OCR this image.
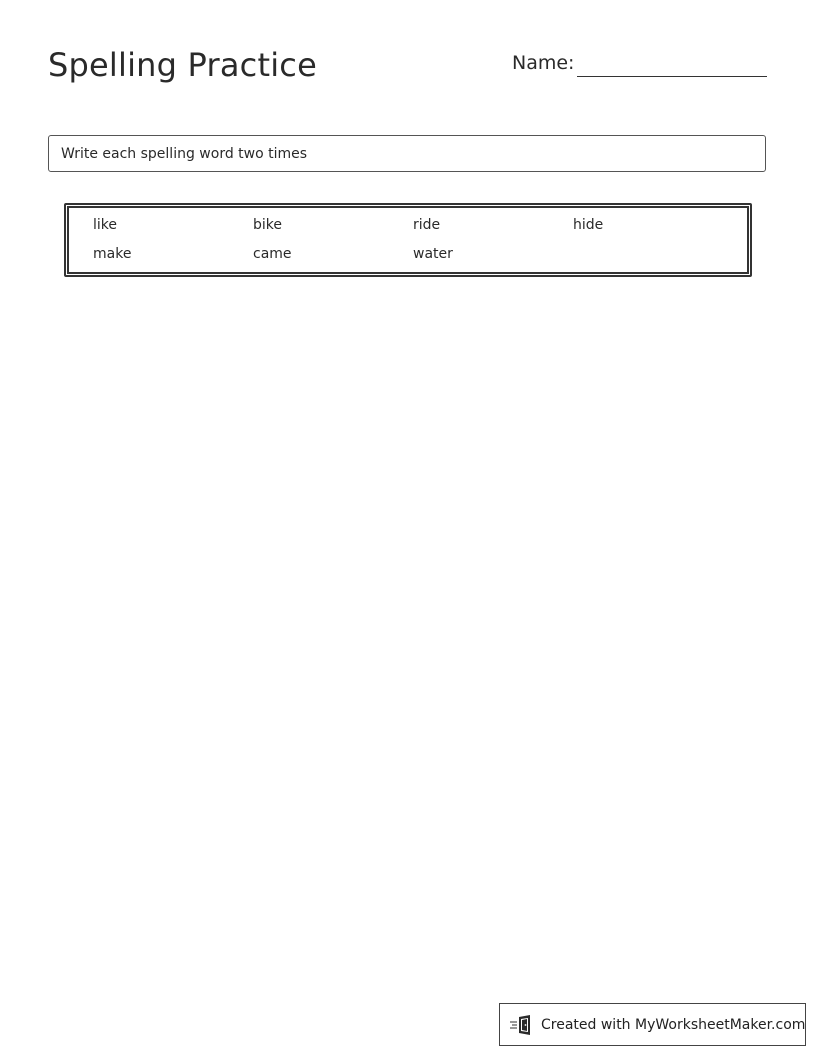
Spelling Practice	Name:
Write each spelling word two times
like	bike	ride	hide
make	came	water
Created with MyWorksheetMaker.com
